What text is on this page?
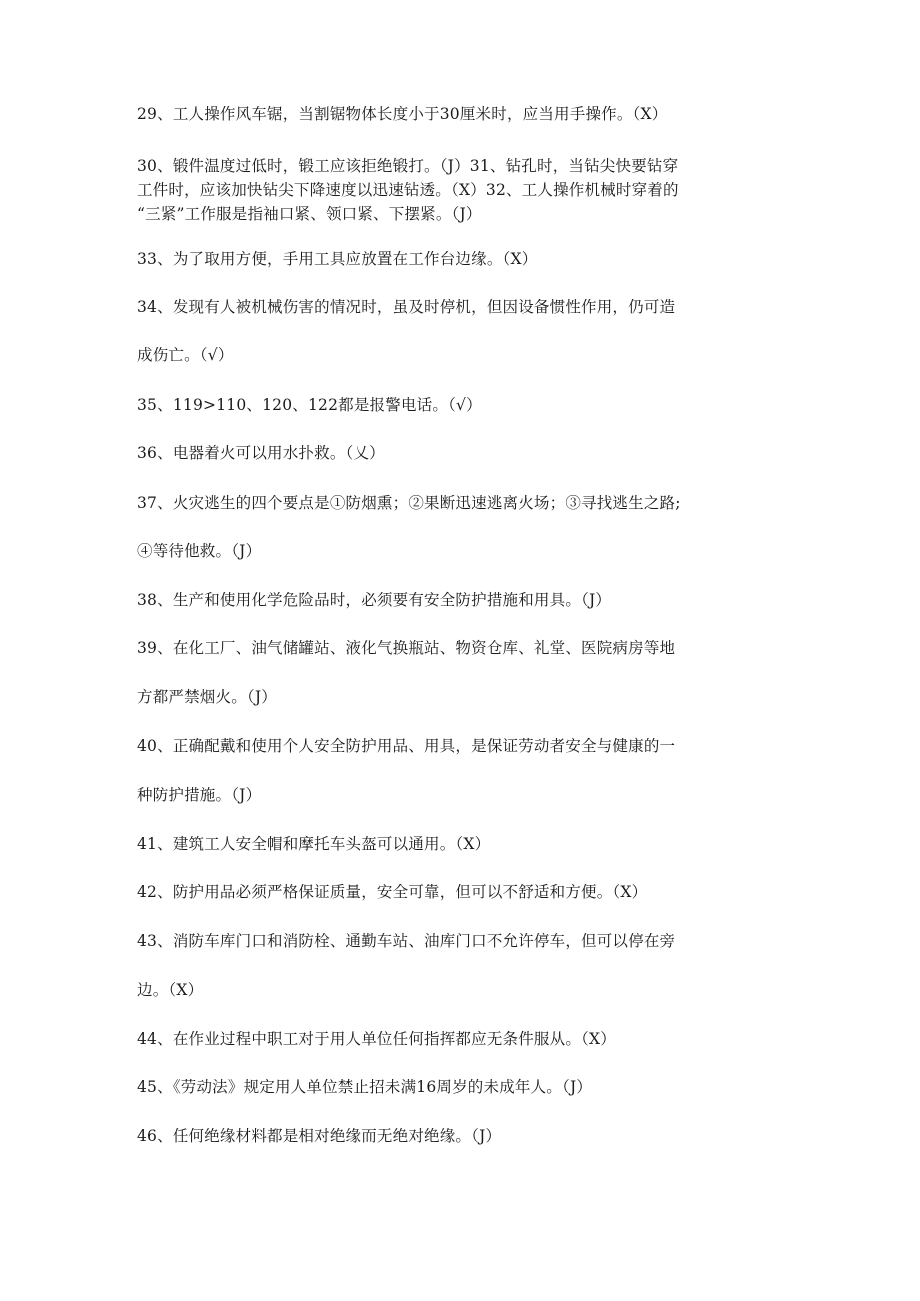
29、工人操作风车锯，当割锯物体长度小于30厘米时，应当用手操作。（X）
30、锻件温度过低时，锻工应该拒绝锻打。（J）31、钻孔时，当钻尖快要钻穿
工件时，应该加快钻尖下降速度以迅速钻透。（X）32、工人操作机械时穿着的
“三紧”工作服是指袖口紧、领口紧、下摆紧。（J）
33、为了取用方便，手用工具应放置在工作台边缘。（X）
34、发现有人被机械伤害的情况时，虽及时停机，但因设备惯性作用，仍可造
成伤亡。（√）
35、119>110、120、122都是报警电话。（√）
36、电器着火可以用水扑救。（乂）
37、火灾逃生的四个要点是①防烟熏；②果断迅速逃离火场；③寻找逃生之路;
④等待他救。（J）
38、生产和使用化学危险品时，必须要有安全防护措施和用具。（J）
39、在化工厂、油气储罐站、液化气换瓶站、物资仓库、礼堂、医院病房等地
方都严禁烟火。（J）
40、正确配戴和使用个人安全防护用品、用具，是保证劳动者安全与健康的一
种防护措施。（J）
41、建筑工人安全帽和摩托车头盔可以通用。（X）
42、防护用品必须严格保证质量，安全可靠，但可以不舒适和方便。（X）
43、消防车库门口和消防栓、通勤车站、油库门口不允许停车，但可以停在旁
边。（X）
44、在作业过程中职工对于用人单位任何指挥都应无条件服从。（X）
45、《劳动法》规定用人单位禁止招未满16周岁的未成年人。（J）
46、任何绝缘材料都是相对绝缘而无绝对绝缘。（J）
